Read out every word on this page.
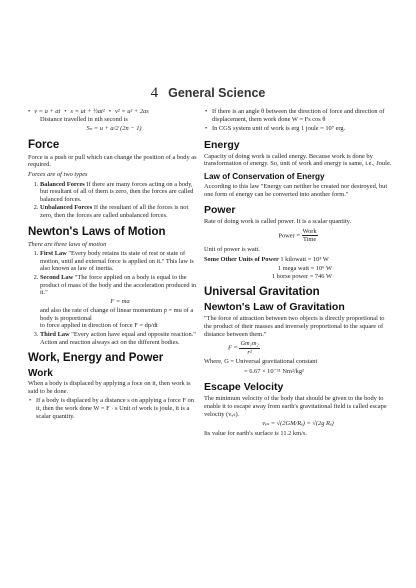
4 General Science
• v = u + at • s = ut + ½at² • v² = u² + 2as

Distance travelled in nth second is

Sₙ = u + a/2 (2n − 1)

Force

Force is a push or pull which can change the position of a body as required.

Forces are of two types

1. Balanced Forces If there are many forces acting on a body, but resultant of all of them is zero, then the forces are called balanced forces.
2. Unbalanced Forces If the resultant of all the forces is not zero, then the forces are called unbalanced forces.
Newton's Laws of Motion

There are three laws of motion

1. First Law "Every body retains its state of rest or state of motion, until and external force is applied on it." This law is also known as law of inertia.
2. Second Law "The force applied on a body is equal to the product of mass of the body and the acceleration produced in it."
F = ma
and also the rate of change of linear momentum p = mu of a body is proportional
to force applied in direction of force F = dp/dt
3. Third Law "Every action have equal and opposite reaction." Action and reaction always act on the different bodies.
Work, Energy and Power
Work

When a body is displaced by applying a foce on it, then work is said to be done.

• If a body is displaced by a distance s on applying a force F on it, then the work done W = F · s Unit of work is joule, it is a scalar quantity.
• If there is an angle θ between the direction of force and direction of displacement, them work done W = Fs cos θ
• In CGS system unit of work is erg 1 joule = 10⁷ erg.
Energy

Capacity of doing work is called energy. Because work is done by transformation of energy. So, unit of work and energy is same, i.e., Joule.

Law of Conservation of Energy

According to this law "Energy can neither be created nor destroyed, but one form of energy can be converted into another form."

Power

Rate of doing work is called power. It is a scalar quantity.

Power = $\frac{\text{Work}}{\text{Time}}$

Unit of power is watt.

Some Other Units of Power 1 kilowatt = 10³ W

1 mega watt = 10⁶ W
1 horse power = 746 W
Universal Gravitation
Newton's Law of Gravitation

"The force of attraction between two objects is directly proportional to the product of their masses and inversely proportional to the square of distance between them."

$F = \frac{\text{Gm₁m₂}}{\text{r²}}$

Where, G = Universal gravitational constant

= 6.67 × 10⁻¹¹ Nm²/kg²

Escape Velocity

The minimum velocity of the body that should be given to the body to enable it to escape away from earth's gravitational field is called escape velocity (vₑₛ).

vₑₛ = √(2GM/Rₑ) = √(2g Rₑ)

Its value for earth's surface is 11.2 km/s.
